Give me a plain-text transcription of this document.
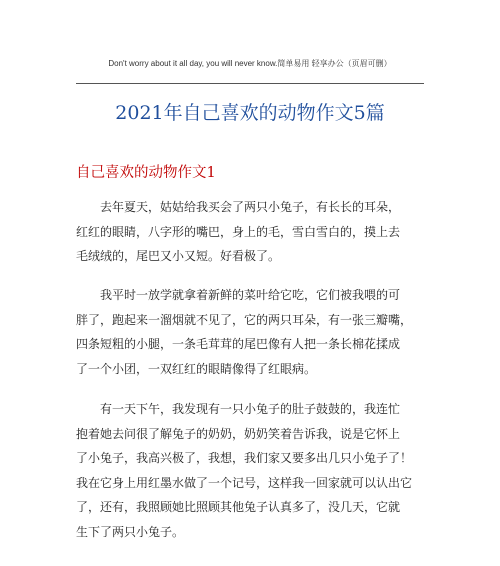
Don't worry about it all day, you will never know.简单易用 轻享办公（页眉可删）
2021年自己喜欢的动物作文5篇
自己喜欢的动物作文1

去年夏天，姑姑给我买会了两只小兔子，有长长的耳朵，
红红的眼睛，八字形的嘴巴，身上的毛，雪白雪白的，摸上去
毛绒绒的，尾巴又小又短。好看极了。

我平时一放学就拿着新鲜的菜叶给它吃，它们被我喂的可
胖了，跑起来一溜烟就不见了，它的两只耳朵，有一张三瓣嘴，
四条短粗的小腿，一条毛茸茸的尾巴像有人把一条长棉花揉成
了一个小团，一双红红的眼睛像得了红眼病。

有一天下午，我发现有一只小兔子的肚子鼓鼓的，我连忙
抱着她去问很了解兔子的奶奶，奶奶笑着告诉我，说是它怀上
了小兔子，我高兴极了，我想，我们家又要多出几只小兔子了！
我在它身上用红墨水做了一个记号，这样我一回家就可以认出它
了，还有，我照顾她比照顾其他兔子认真多了，没几天，它就
生下了两只小兔子。
